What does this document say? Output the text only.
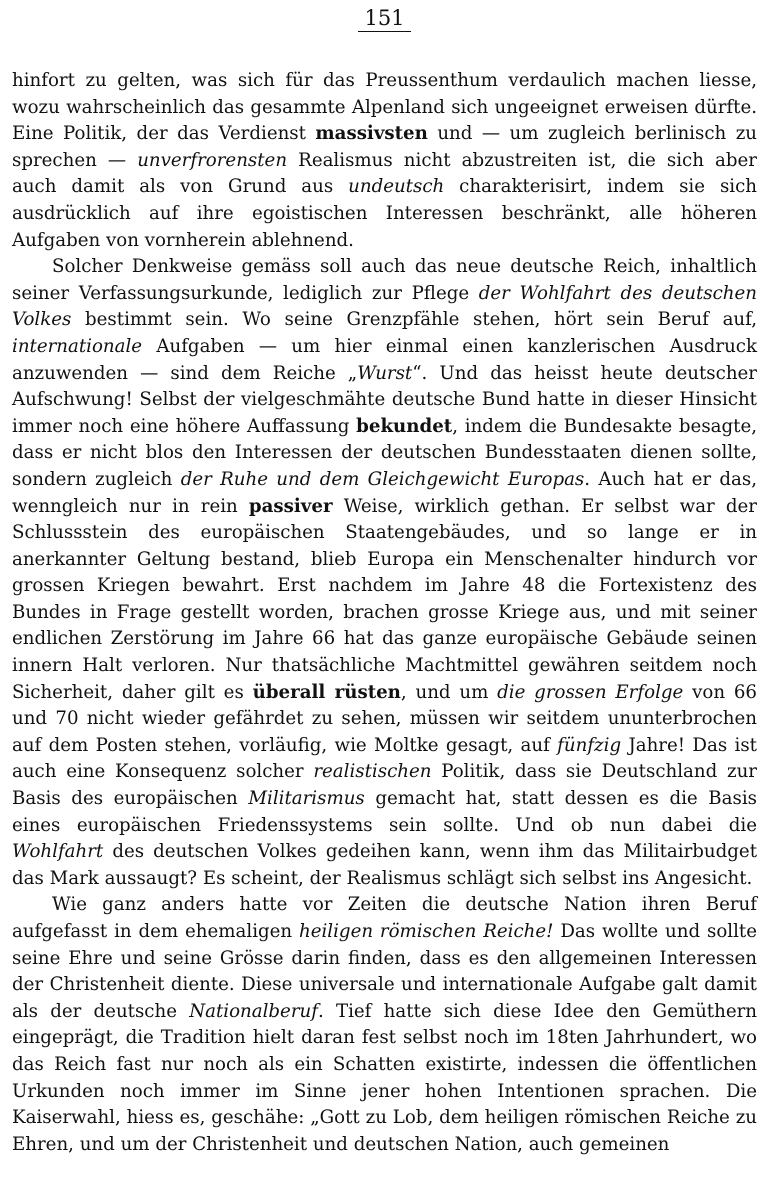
151

hinfort zu gelten, was sich für das Preussenthum verdaulich machen liesse, wozu wahrscheinlich das gesammte Alpenland sich ungeeignet erweisen dürfte. Eine Politik, der das Verdienst massivsten und — um zugleich berlinisch zu sprechen — unverfrorensten Realismus nicht abzustreiten ist, die sich aber auch damit als von Grund aus undeutsch charakterisirt, indem sie sich ausdrücklich auf ihre egoistischen Interessen beschränkt, alle höheren Aufgaben von vornherein ablehnend.

Solcher Denkweise gemäss soll auch das neue deutsche Reich, inhaltlich seiner Verfassungsurkunde, lediglich zur Pflege der Wohlfahrt des deutschen Volkes bestimmt sein. Wo seine Grenzpfähle stehen, hört sein Beruf auf, internationale Aufgaben — um hier einmal einen kanzlerischen Ausdruck anzuwenden — sind dem Reiche „Wurst“. Und das heisst heute deutscher Aufschwung! Selbst der vielgeschmähte deutsche Bund hatte in dieser Hinsicht immer noch eine höhere Auffassung bekundet, indem die Bundesakte besagte, dass er nicht blos den Interessen der deutschen Bundesstaaten dienen sollte, sondern zugleich der Ruhe und dem Gleichgewicht Europas. Auch hat er das, wenngleich nur in rein passiver Weise, wirklich gethan. Er selbst war der Schlussstein des europäischen Staatengebäudes, und so lange er in anerkannter Geltung bestand, blieb Europa ein Menschenalter hindurch vor grossen Kriegen bewahrt. Erst nachdem im Jahre 48 die Fortexistenz des Bundes in Frage gestellt worden, brachen grosse Kriege aus, und mit seiner endlichen Zerstörung im Jahre 66 hat das ganze europäische Gebäude seinen innern Halt verloren. Nur thatsächliche Machtmittel gewähren seitdem noch Sicherheit, daher gilt es überall rüsten, und um die grossen Erfolge von 66 und 70 nicht wieder gefährdet zu sehen, müssen wir seitdem ununterbrochen auf dem Posten stehen, vorläufig, wie Moltke gesagt, auf fünfzig Jahre! Das ist auch eine Konsequenz solcher realistischen Politik, dass sie Deutschland zur Basis des europäischen Militarismus gemacht hat, statt dessen es die Basis eines europäischen Friedenssystems sein sollte. Und ob nun dabei die Wohlfahrt des deutschen Volkes gedeihen kann, wenn ihm das Militairbudget das Mark aussaugt? Es scheint, der Realismus schlägt sich selbst ins Angesicht.

Wie ganz anders hatte vor Zeiten die deutsche Nation ihren Beruf aufgefasst in dem ehemaligen heiligen römischen Reiche! Das wollte und sollte seine Ehre und seine Grösse darin finden, dass es den allgemeinen Interessen der Christenheit diente. Diese universale und internationale Aufgabe galt damit als der deutsche Nationalberuf. Tief hatte sich diese Idee den Gemüthern eingeprägt, die Tradition hielt daran fest selbst noch im 18ten Jahrhundert, wo das Reich fast nur noch als ein Schatten existirte, indessen die öffentlichen Urkunden noch immer im Sinne jener hohen Intentionen sprachen. Die Kaiserwahl, hiess es, geschähe: „Gott zu Lob, dem heiligen römischen Reiche zu Ehren, und um der Christenheit und deutschen Nation, auch gemeinen
